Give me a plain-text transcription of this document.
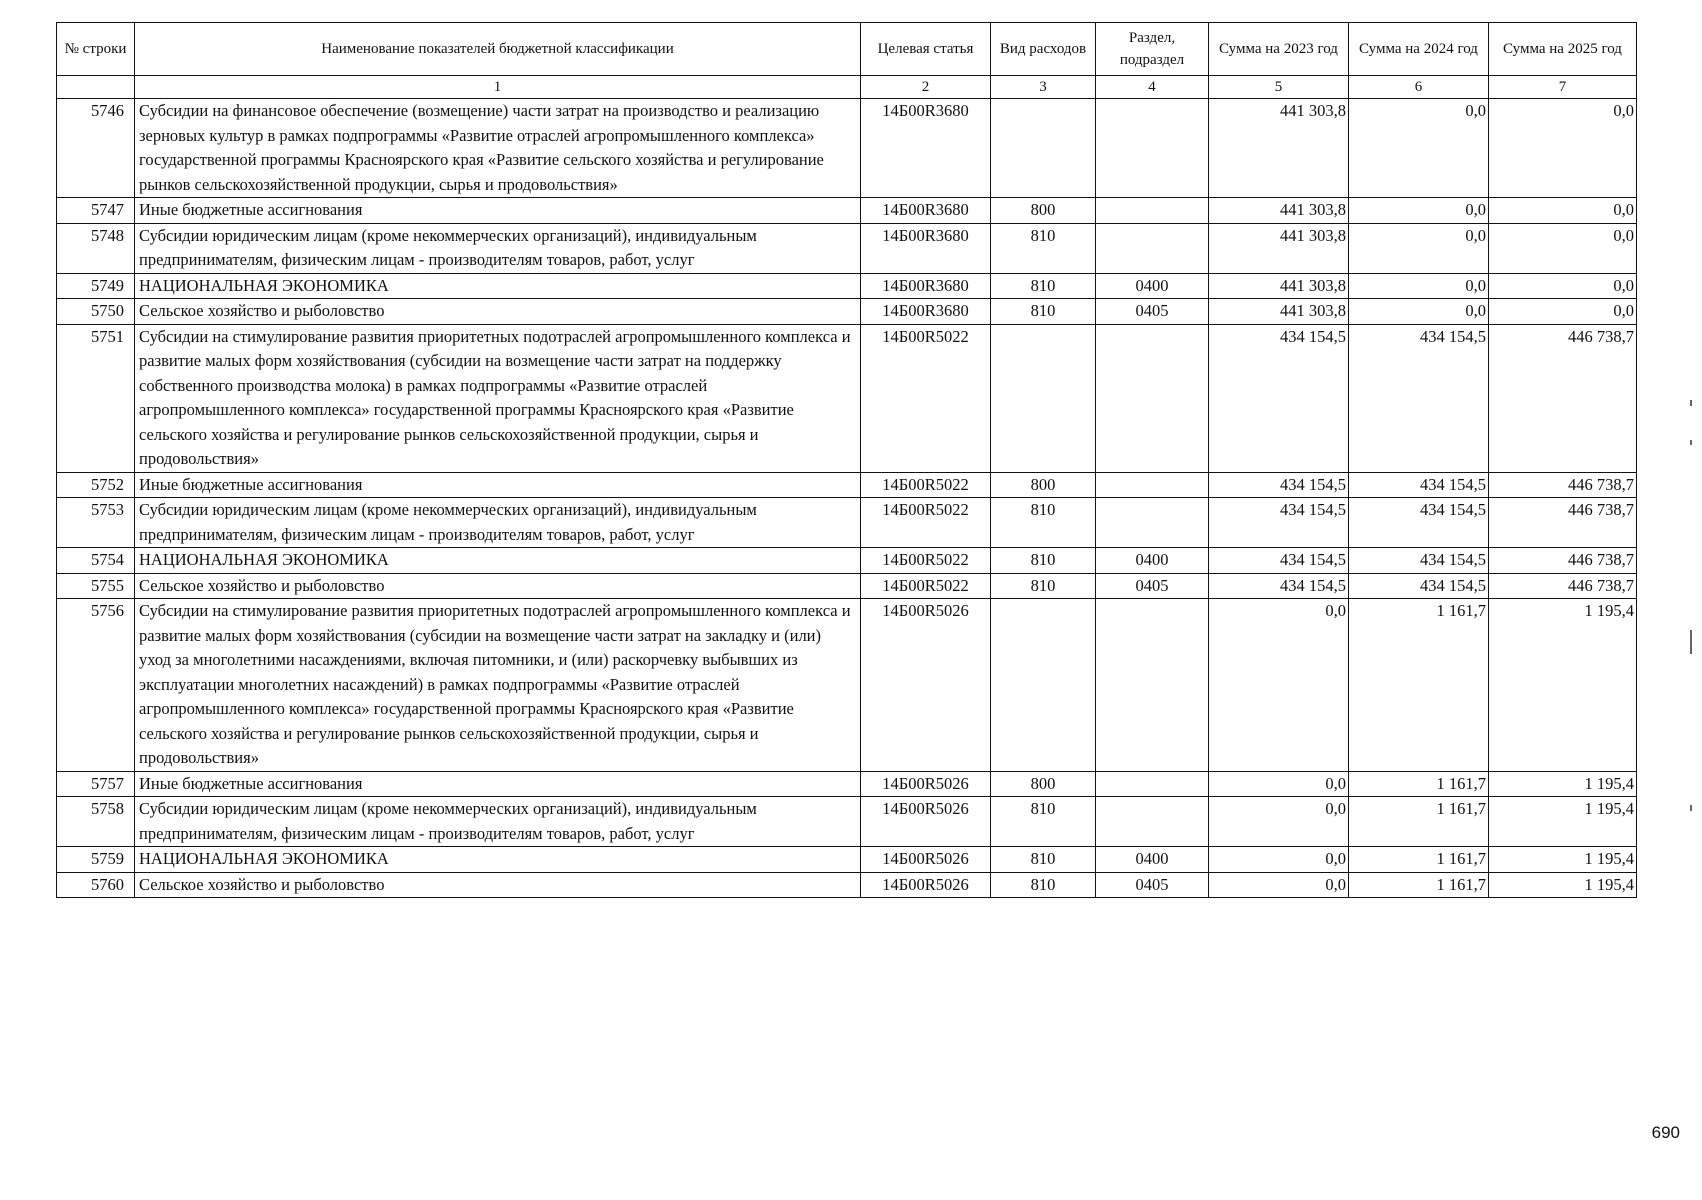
№ строки	Наименование показателей бюджетной классификации	Целевая статья	Вид расходов	Раздел, подраздел	Сумма на 2023 год	Сумма на 2024 год	Сумма на 2025 год
	1	2	3	4	5	6	7
5746	Субсидии на финансовое обеспечение (возмещение) части затрат на производство и реализацию зерновых культур в рамках подпрограммы «Развитие отраслей агропромышленного комплекса» государственной программы Красноярского края «Развитие сельского хозяйства и регулирование рынков сельскохозяйственной продукции, сырья и продовольствия»	14Б00R3680			441 303,8	0,0	0,0
5747	Иные бюджетные ассигнования	14Б00R3680	800		441 303,8	0,0	0,0
5748	Субсидии юридическим лицам (кроме некоммерческих организаций), индивидуальным предпринимателям, физическим лицам - производителям товаров, работ, услуг	14Б00R3680	810		441 303,8	0,0	0,0
5749	НАЦИОНАЛЬНАЯ ЭКОНОМИКА	14Б00R3680	810	0400	441 303,8	0,0	0,0
5750	Сельское хозяйство и рыболовство	14Б00R3680	810	0405	441 303,8	0,0	0,0
5751	Субсидии на стимулирование развития приоритетных подотраслей агропромышленного комплекса и развитие малых форм хозяйствования (субсидии на возмещение части затрат на поддержку собственного производства молока) в рамках подпрограммы «Развитие отраслей агропромышленного комплекса» государственной программы Красноярского края «Развитие сельского хозяйства и регулирование рынков сельскохозяйственной продукции, сырья и продовольствия»	14Б00R5022			434 154,5	434 154,5	446 738,7
5752	Иные бюджетные ассигнования	14Б00R5022	800		434 154,5	434 154,5	446 738,7
5753	Субсидии юридическим лицам (кроме некоммерческих организаций), индивидуальным предпринимателям, физическим лицам - производителям товаров, работ, услуг	14Б00R5022	810		434 154,5	434 154,5	446 738,7
5754	НАЦИОНАЛЬНАЯ ЭКОНОМИКА	14Б00R5022	810	0400	434 154,5	434 154,5	446 738,7
5755	Сельское хозяйство и рыболовство	14Б00R5022	810	0405	434 154,5	434 154,5	446 738,7
5756	Субсидии на стимулирование развития приоритетных подотраслей агропромышленного комплекса и развитие малых форм хозяйствования (субсидии на возмещение части затрат на закладку и (или) уход за многолетними насаждениями, включая питомники, и (или) раскорчевку выбывших из эксплуатации многолетних насаждений) в рамках подпрограммы «Развитие отраслей агропромышленного комплекса» государственной программы Красноярского края «Развитие сельского хозяйства и регулирование рынков сельскохозяйственной продукции, сырья и продовольствия»	14Б00R5026			0,0	1 161,7	1 195,4
5757	Иные бюджетные ассигнования	14Б00R5026	800		0,0	1 161,7	1 195,4
5758	Субсидии юридическим лицам (кроме некоммерческих организаций), индивидуальным предпринимателям, физическим лицам - производителям товаров, работ, услуг	14Б00R5026	810		0,0	1 161,7	1 195,4
5759	НАЦИОНАЛЬНАЯ ЭКОНОМИКА	14Б00R5026	810	0400	0,0	1 161,7	1 195,4
5760	Сельское хозяйство и рыболовство	14Б00R5026	810	0405	0,0	1 161,7	1 195,4
690
